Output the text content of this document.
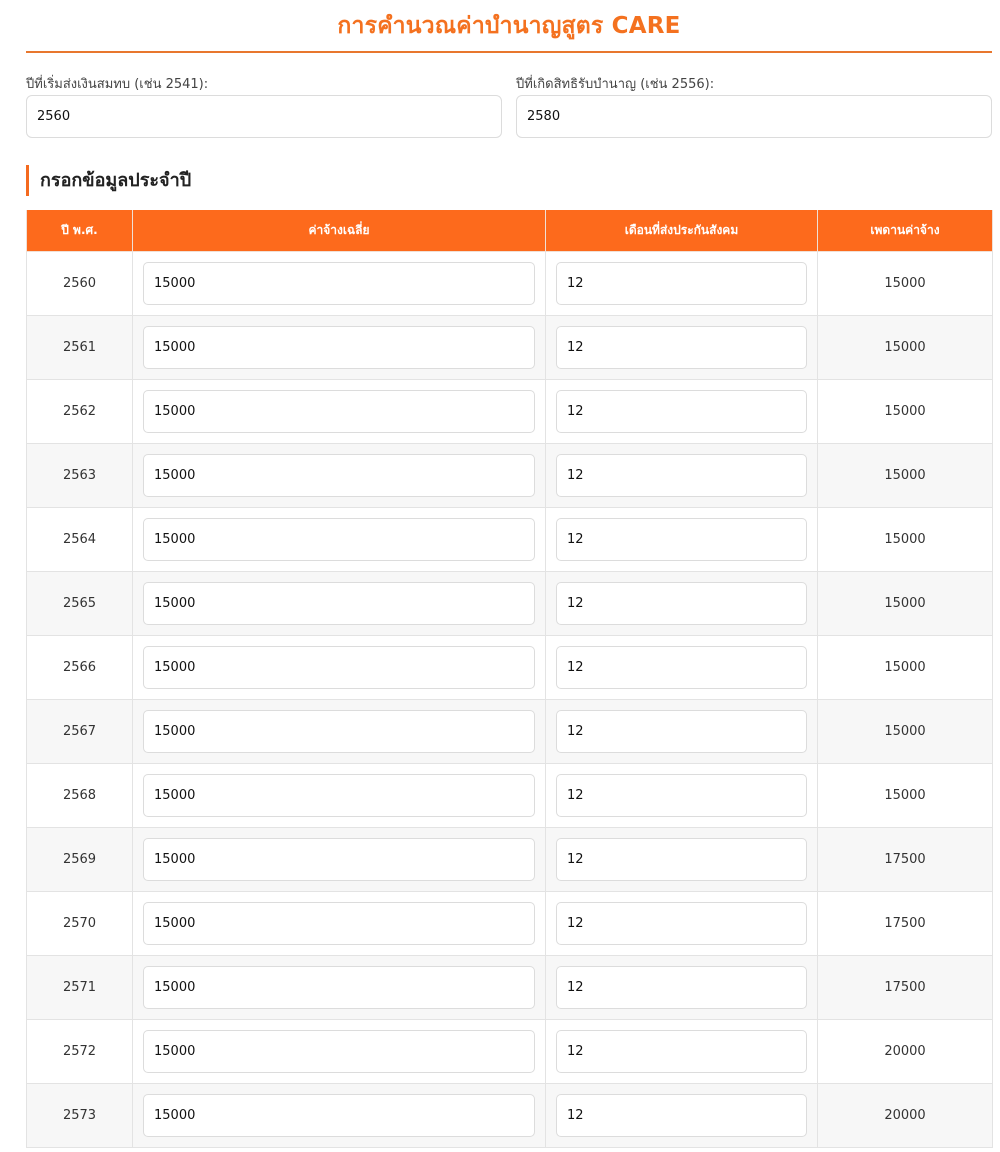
การคำนวณค่าบำนาญสูตร CARE
ปีที่เริ่มส่งเงินสมทบ (เช่น 2541):
2560	ปีที่เกิดสิทธิรับบำนาญ (เช่น 2556):
2580
กรอกข้อมูลประจำปี
ปี พ.ศ.	ค่าจ้างเฉลี่ย	เดือนที่ส่งประกันสังคม	เพดานค่าจ้าง
2560	15000	12	15000
2561	15000	12	15000
2562	15000	12	15000
2563	15000	12	15000
2564	15000	12	15000
2565	15000	12	15000
2566	15000	12	15000
2567	15000	12	15000
2568	15000	12	15000
2569	15000	12	17500
2570	15000	12	17500
2571	15000	12	17500
2572	15000	12	20000
2573	15000	12	20000
